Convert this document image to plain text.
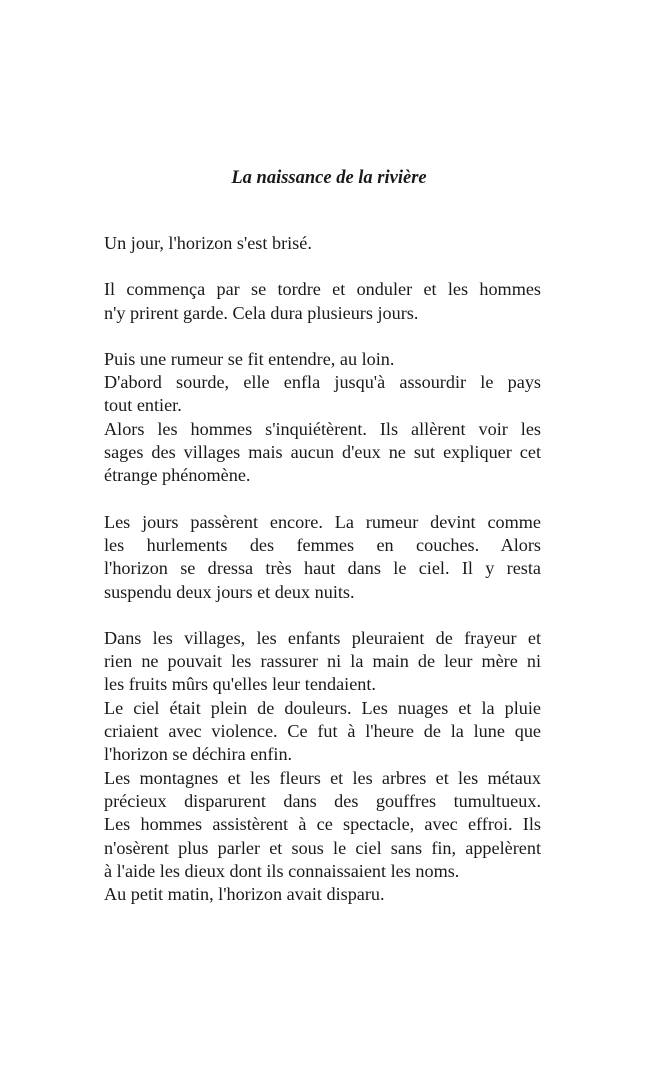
La naissance de la rivière
Un jour, l'horizon s'est brisé.
Il commença par se tordre et onduler et les hommes
n'y prirent garde. Cela dura plusieurs jours.
Puis une rumeur se fit entendre, au loin.
D'abord sourde, elle enfla jusqu'à assourdir le pays
tout entier.
Alors les hommes s'inquiétèrent. Ils allèrent voir les
sages des villages mais aucun d'eux ne sut expliquer cet
étrange phénomène.
Les jours passèrent encore. La rumeur devint comme
les hurlements des femmes en couches. Alors
l'horizon se dressa très haut dans le ciel. Il y resta
suspendu deux jours et deux nuits.
Dans les villages, les enfants pleuraient de frayeur et
rien ne pouvait les rassurer ni la main de leur mère ni
les fruits mûrs qu'elles leur tendaient.
Le ciel était plein de douleurs. Les nuages et la pluie
criaient avec violence. Ce fut à l'heure de la lune que
l'horizon se déchira enfin.
Les montagnes et les fleurs et les arbres et les métaux
précieux disparurent dans des gouffres tumultueux.
Les hommes assistèrent à ce spectacle, avec effroi. Ils
n'osèrent plus parler et sous le ciel sans fin, appelèrent
à l'aide les dieux dont ils connaissaient les noms.
Au petit matin, l'horizon avait disparu.
